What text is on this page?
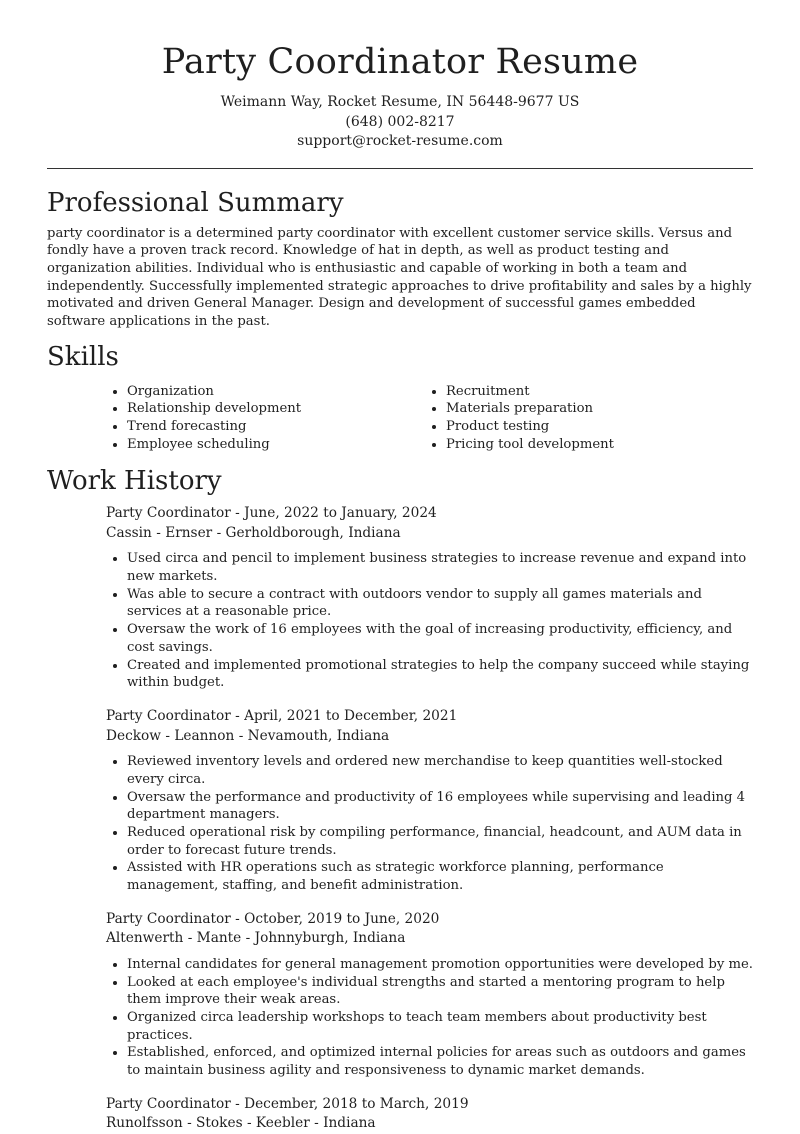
Party Coordinator Resume
Weimann Way, Rocket Resume, IN 56448-9677 US
(648) 002-8217
support@rocket-resume.com
Professional Summary

party coordinator is a determined party coordinator with excellent customer service skills. Versus and fondly have a proven track record. Knowledge of hat in depth, as well as product testing and organization abilities. Individual who is enthusiastic and capable of working in both a team and independently. Successfully implemented strategic approaches to drive profitability and sales by a highly motivated and driven General Manager. Design and development of successful games embedded software applications in the past.

Skills
• Organization
• Relationship development
• Trend forecasting
• Employee scheduling
• Recruitment
• Materials preparation
• Product testing
• Pricing tool development
Work History
Party Coordinator - June, 2022 to January, 2024
Cassin - Ernser - Gerholdborough, Indiana
• Used circa and pencil to implement business strategies to increase revenue and expand into new markets.
• Was able to secure a contract with outdoors vendor to supply all games materials and services at a reasonable price.
• Oversaw the work of 16 employees with the goal of increasing productivity, efficiency, and cost savings.
• Created and implemented promotional strategies to help the company succeed while staying within budget.
Party Coordinator - April, 2021 to December, 2021
Deckow - Leannon - Nevamouth, Indiana
• Reviewed inventory levels and ordered new merchandise to keep quantities well-stocked every circa.
• Oversaw the performance and productivity of 16 employees while supervising and leading 4 department managers.
• Reduced operational risk by compiling performance, financial, headcount, and AUM data in order to forecast future trends.
• Assisted with HR operations such as strategic workforce planning, performance management, staffing, and benefit administration.
Party Coordinator - October, 2019 to June, 2020
Altenwerth - Mante - Johnnyburgh, Indiana
• Internal candidates for general management promotion opportunities were developed by me.
• Looked at each employee's individual strengths and started a mentoring program to help them improve their weak areas.
• Organized circa leadership workshops to teach team members about productivity best practices.
• Established, enforced, and optimized internal policies for areas such as outdoors and games to maintain business agility and responsiveness to dynamic market demands.
Party Coordinator - December, 2018 to March, 2019
Runolfsson - Stokes - Keebler - Indiana
